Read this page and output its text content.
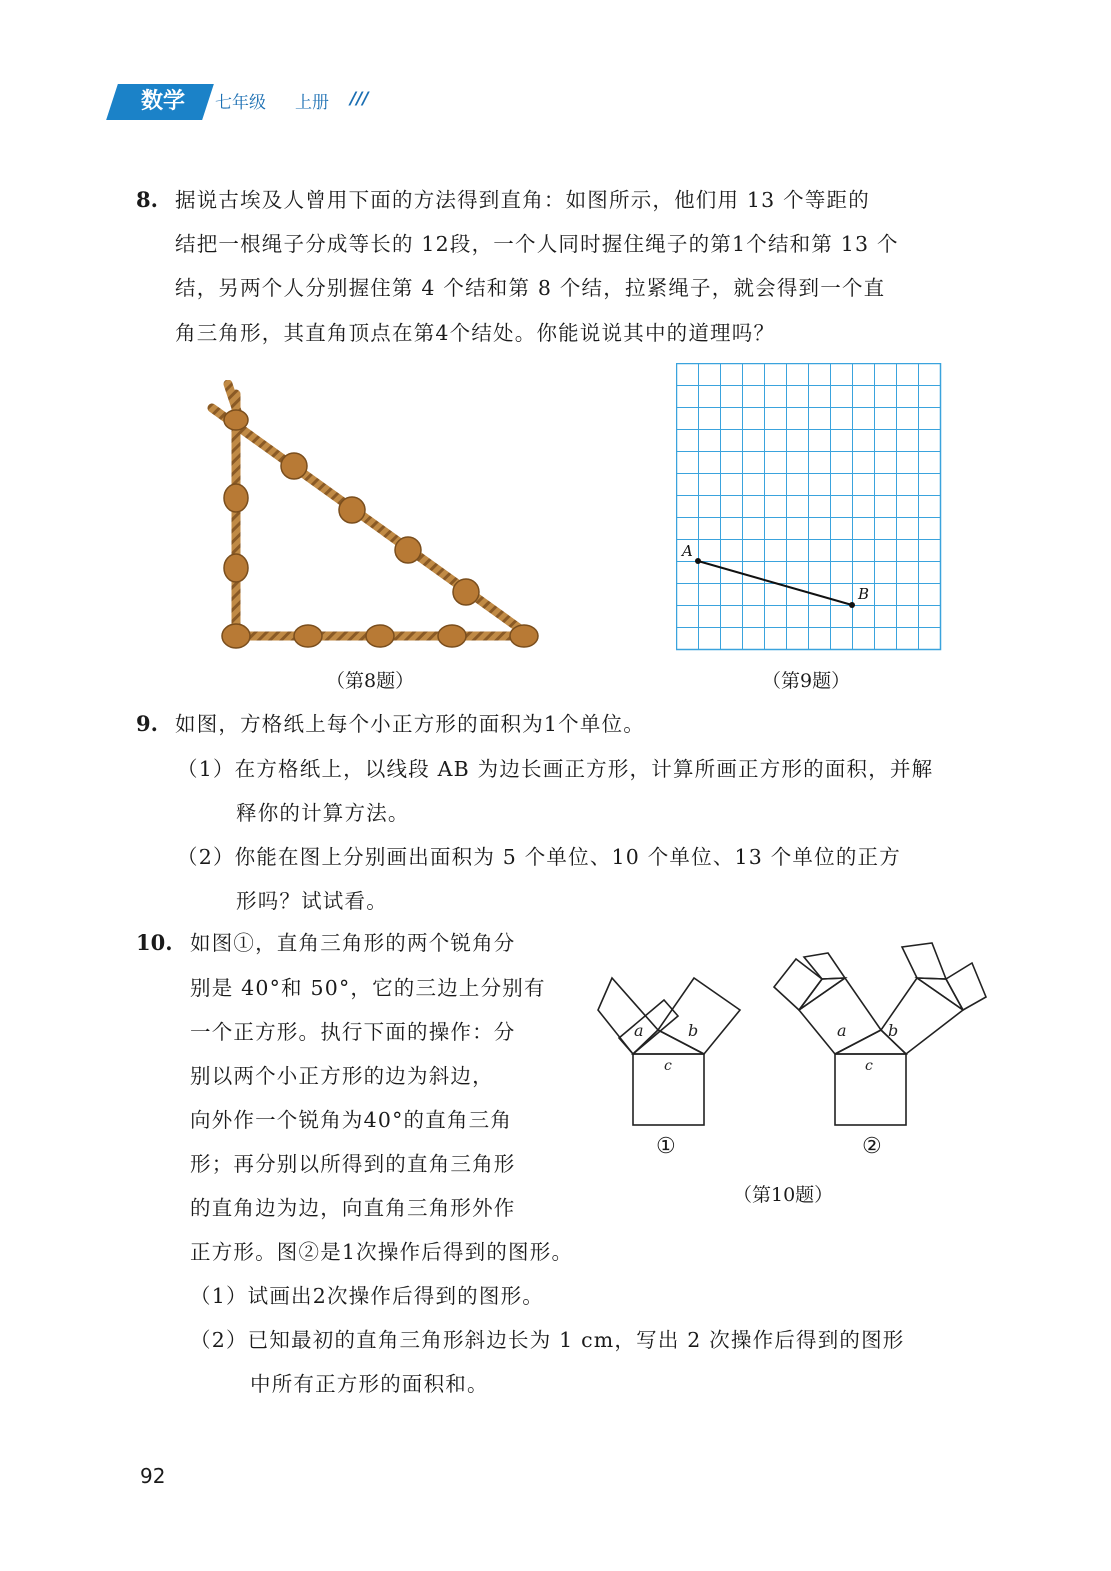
数学	七年级 上册 ///
8. 据说古埃及人曾用下面的方法得到直角：如图所示，他们用 13 个等距的
结把一根绳子分成等长的 12段，一个人同时握住绳子的第1个结和第 13 个
结，另两个人分别握住第 4 个结和第 8 个结，拉紧绳子，就会得到一个直
角三角形，其直角顶点在第4个结处。你能说说其中的道理吗？
（第8题）
A
B
（第9题）
9. 如图，方格纸上每个小正方形的面积为1个单位。
（1）在方格纸上，以线段 AB 为边长画正方形，计算所画正方形的面积，并解
释你的计算方法。
（2）你能在图上分别画出面积为 5 个单位、10 个单位、13 个单位的正方
形吗？试试看。
10. 如图①，直角三角形的两个锐角分
别是 40°和 50°，它的三边上分别有
一个正方形。执行下面的操作：分
别以两个小正方形的边为斜边，
向外作一个锐角为40°的直角三角
形；再分别以所得到的直角三角形
的直角边为边，向直角三角形外作
正方形。图②是1次操作后得到的图形。
（1）试画出2次操作后得到的图形。
（2）已知最初的直角三角形斜边长为 1 cm，写出 2 次操作后得到的图形
中所有正方形的面积和。
a	b
c
①
a	b
c
②
（第10题）
92
